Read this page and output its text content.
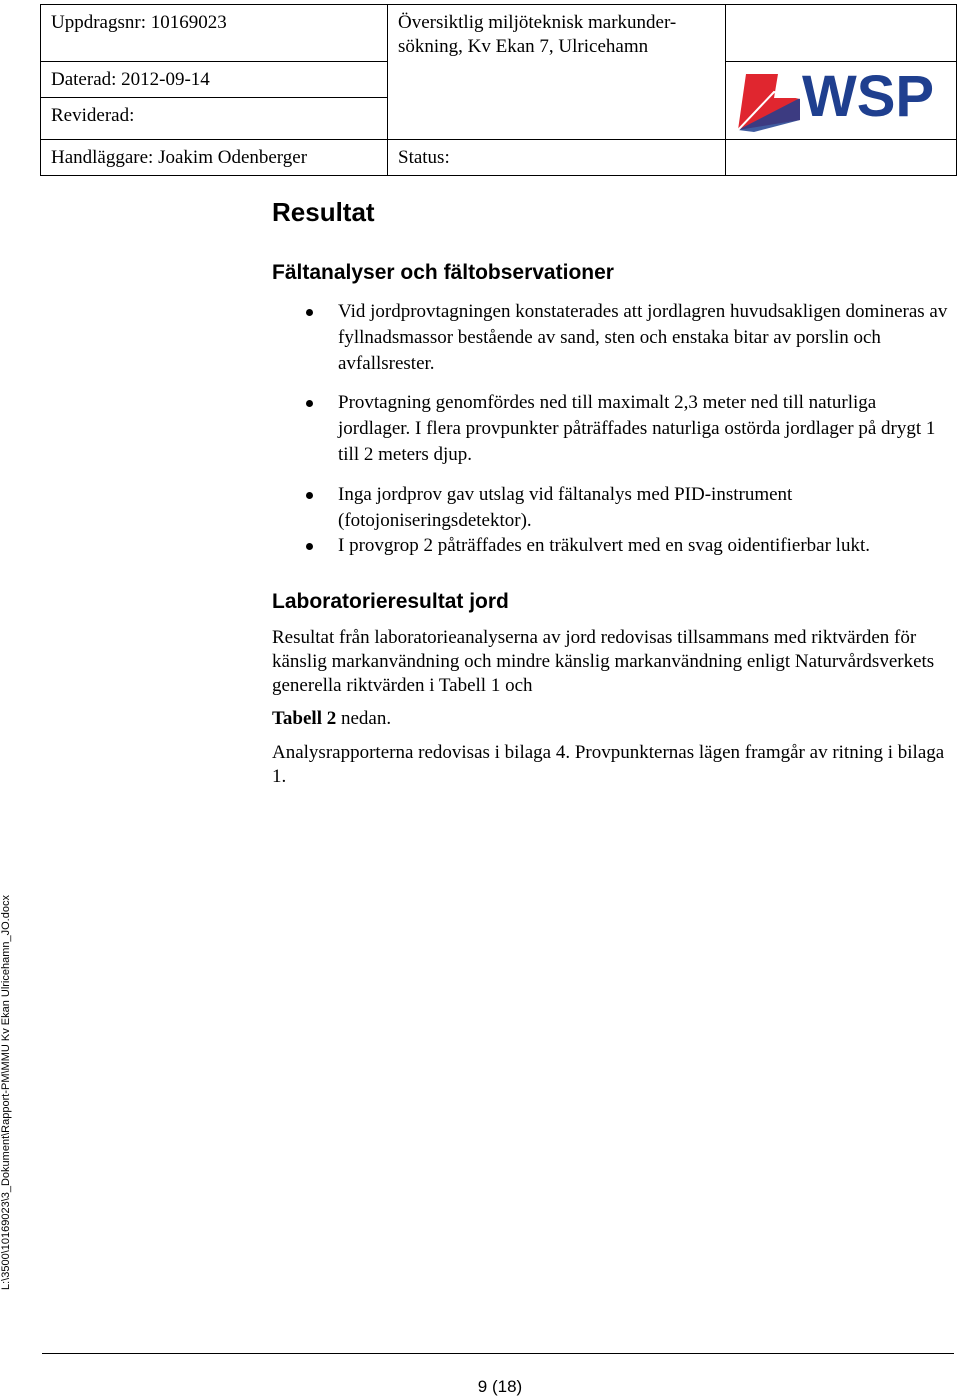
Uppdragsnr: 10169023	Översiktlig miljöteknisk markunder-
sökning, Kv Ekan 7, Ulricehamn	

Daterad: 2012-09-14		WSP

Reviderad:		

Handläggare: Joakim Odenberger	Status:	

Resultat
Fältanalyser och fältobservationer
Vid jordprovtagningen konstaterades att jordlagren huvudsakligen domineras av fyllnadsmassor bestående av sand, sten och enstaka bitar av porslin och avfallsrester.
Provtagning genomfördes ned till maximalt 2,3 meter ned till naturliga jordlager. I flera provpunkter påträffades naturliga ostörda jordlager på drygt 1 till 2 meters djup.
Inga jordprov gav utslag vid fältanalys med PID-instrument (fotojoniseringsdetektor).
I provgrop 2 påträffades en träkulvert med en svag oidentifierbar lukt.
Laboratorieresultat jord

Resultat från laboratorieanalyserna av jord redovisas tillsammans med riktvärden för känslig markanvändning och mindre känslig markanvändning enligt Naturvårdsverkets generella riktvärden i Tabell 1 och

Tabell 2 nedan.

Analysrapporterna redovisas i bilaga 4. Provpunkternas lägen framgår av ritning i bilaga 1.

L:\3500\10169023\3_Dokument\Rapport-PM\MMU Kv Ekan Ulricehamn_JO.docx
9 (18)
